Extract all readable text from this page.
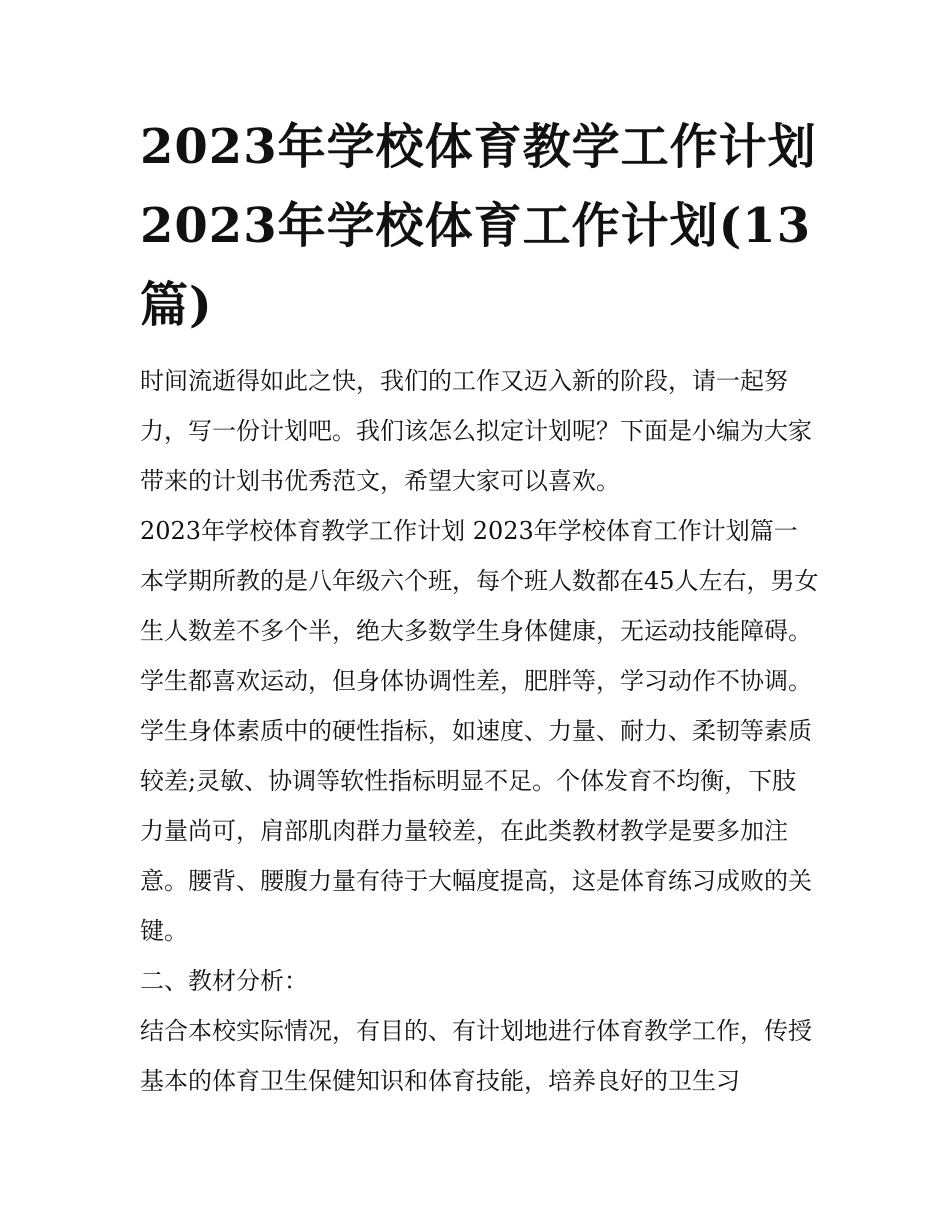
2023年学校体育教学工作计划 2023年学校体育工作计划(13篇)

时间流逝得如此之快，我们的工作又迈入新的阶段，请一起努力，写一份计划吧。我们该怎么拟定计划呢？下面是小编为大家带来的计划书优秀范文，希望大家可以喜欢。

2023年学校体育教学工作计划 2023年学校体育工作计划篇一

本学期所教的是八年级六个班，每个班人数都在45人左右，男女生人数差不多个半，绝大多数学生身体健康，无运动技能障碍。学生都喜欢运动，但身体协调性差，肥胖等，学习动作不协调。学生身体素质中的硬性指标，如速度、力量、耐力、柔韧等素质较差;灵敏、协调等软性指标明显不足。个体发育不均衡，下肢力量尚可，肩部肌肉群力量较差，在此类教材教学是要多加注意。腰背、腰腹力量有待于大幅度提高，这是体育练习成败的关键。

二、教材分析：

结合本校实际情况，有目的、有计划地进行体育教学工作，传授基本的体育卫生保健知识和体育技能，培养良好的卫生习
